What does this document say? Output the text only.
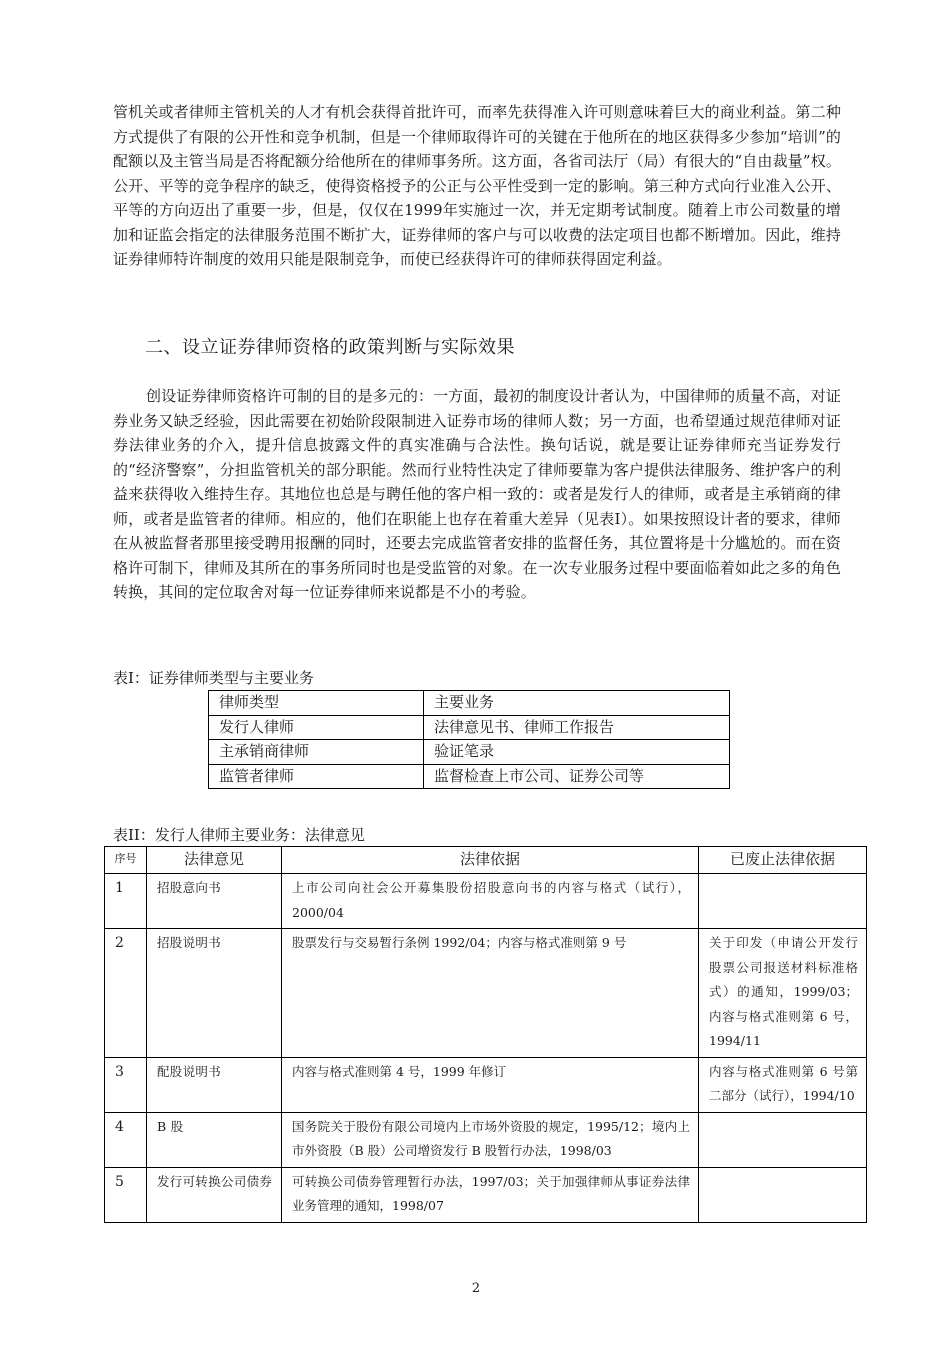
管机关或者律师主管机关的人才有机会获得首批许可，而率先获得准入许可则意味着巨大的商业利益。第二种方式提供了有限的公开性和竞争机制，但是一个律师取得许可的关键在于他所在的地区获得多少参加“培训”的配额以及主管当局是否将配额分给他所在的律师事务所。这方面，各省司法厅（局）有很大的“自由裁量”权。公开、平等的竞争程序的缺乏，使得资格授予的公正与公平性受到一定的影响。第三种方式向行业准入公开、平等的方向迈出了重要一步，但是，仅仅在1999年实施过一次，并无定期考试制度。随着上市公司数量的增加和证监会指定的法律服务范围不断扩大，证券律师的客户与可以收费的法定项目也都不断增加。因此，维持证券律师特许制度的效用只能是限制竞争，而使已经获得许可的律师获得固定利益。

二、设立证券律师资格的政策判断与实际效果

创设证券律师资格许可制的目的是多元的：一方面，最初的制度设计者认为，中国律师的质量不高，对证券业务又缺乏经验，因此需要在初始阶段限制进入证券市场的律师人数；另一方面，也希望通过规范律师对证券法律业务的介入，提升信息披露文件的真实准确与合法性。换句话说，就是要让证券律师充当证券发行的“经济警察”，分担监管机关的部分职能。然而行业特性决定了律师要靠为客户提供法律服务、维护客户的利益来获得收入维持生存。其地位也总是与聘任他的客户相一致的：或者是发行人的律师，或者是主承销商的律师，或者是监管者的律师。相应的，他们在职能上也存在着重大差异（见表I）。如果按照设计者的要求，律师在从被监督者那里接受聘用报酬的同时，还要去完成监管者安排的监督任务，其位置将是十分尴尬的。而在资格许可制下，律师及其所在的事务所同时也是受监管的对象。在一次专业服务过程中要面临着如此之多的角色转换，其间的定位取舍对每一位证券律师来说都是不小的考验。

表I：证券律师类型与主要业务
律师类型	主要业务
发行人律师	法律意见书、律师工作报告
主承销商律师	验证笔录
监管者律师	监督检查上市公司、证券公司等
表II：发行人律师主要业务：法律意见
序号	法律意见	法律依据	已废止法律依据
1	招股意向书	上市公司向社会公开募集股份招股意向书的内容与格式（试行），2000/04	
2	招股说明书	股票发行与交易暂行条例 1992/04；内容与格式准则第 9 号	关于印发（申请公开发行股票公司报送材料标准格式）的通知，1999/03；内容与格式准则第 6 号，1994/11
3	配股说明书	内容与格式准则第 4 号，1999 年修订	内容与格式准则第 6 号第二部分（试行），1994/10
4	B 股	国务院关于股份有限公司境内上市场外资股的规定，1995/12；境内上市外资股（B 股）公司增资发行 B 股暂行办法，1998/03	
5	发行可转换公司债券	可转换公司债券管理暂行办法，1997/03；关于加强律师从事证券法律业务管理的通知，1998/07	
2
